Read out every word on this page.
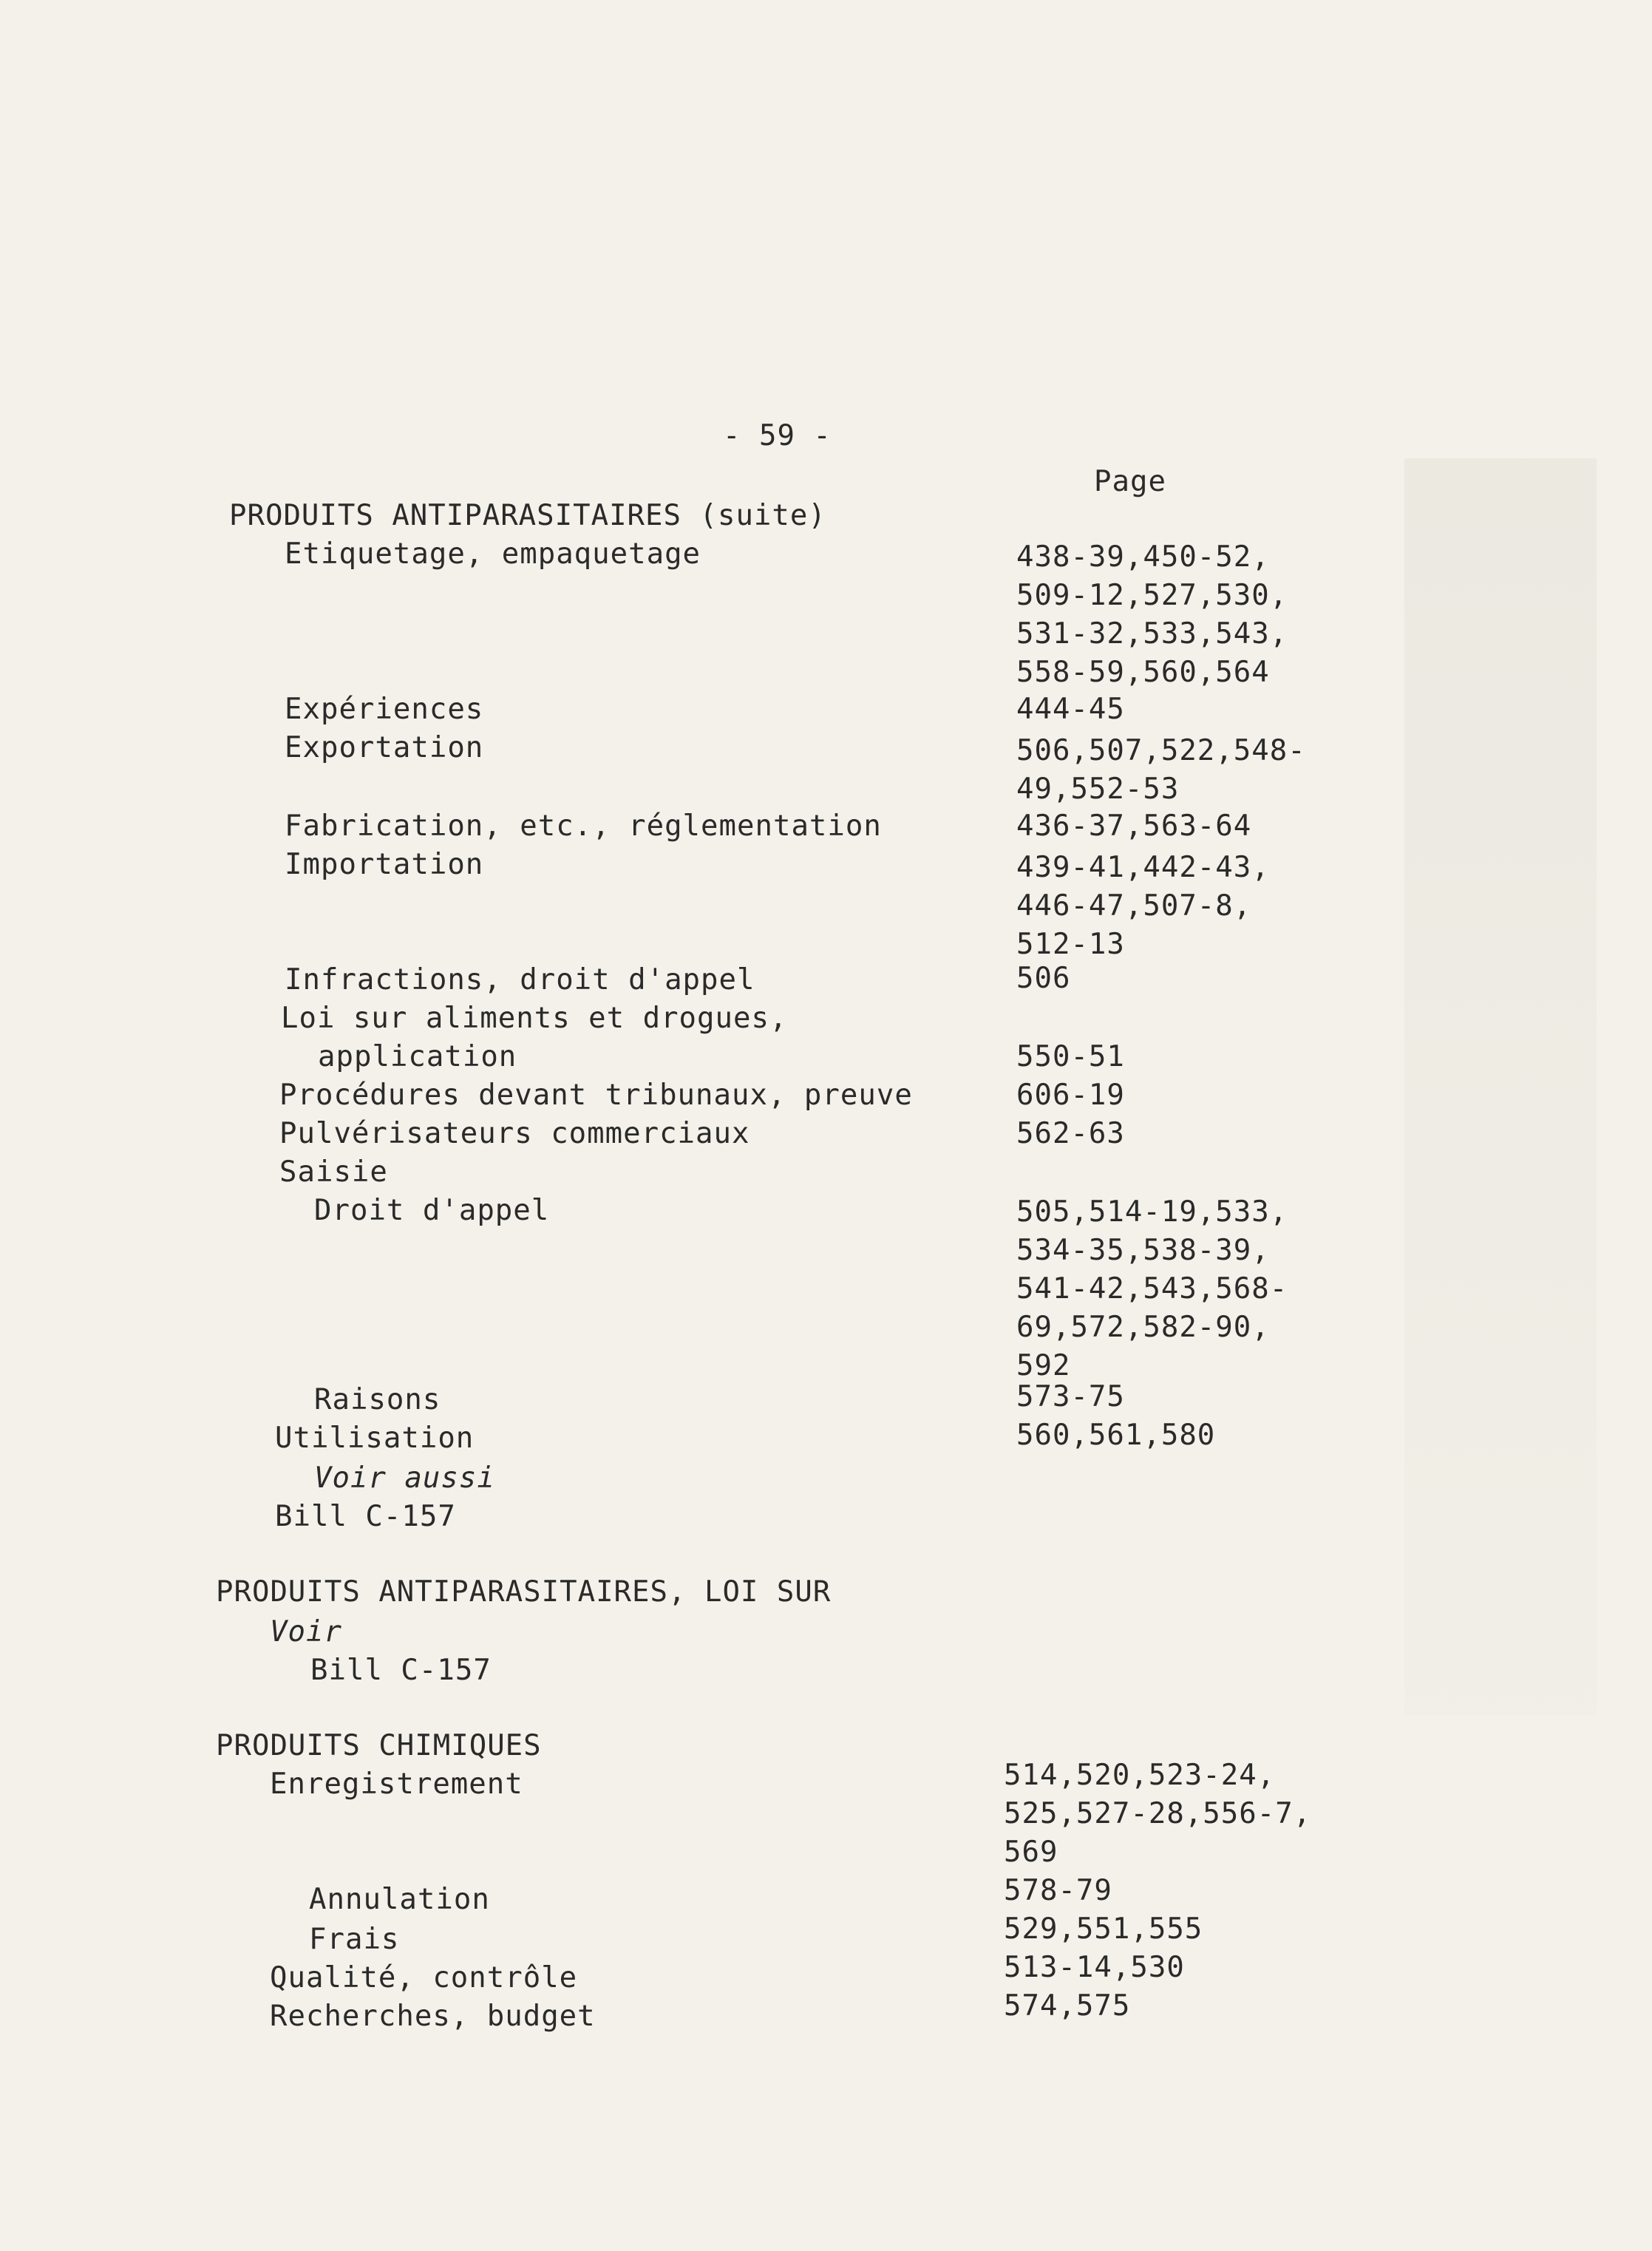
- 59 -
Page
PRODUITS ANTIPARASITAIRES (suite)
Etiquetage, empaquetage	438-39,450-52,
509-12,527,530,
531-32,533,543,
558-59,560,564
Expériences	444-45
Exportation	506,507,522,548-
49,552-53
Fabrication, etc., réglementation	436-37,563-64
Importation	439-41,442-43,
446-47,507-8,
512-13
Infractions, droit d'appel	506
Loi sur aliments et drogues,
application	550-51
Procédures devant tribunaux, preuve	606-19
Pulvérisateurs commerciaux	562-63
Saisie
Droit d'appel	505,514-19,533,
534-35,538-39,
541-42,543,568-
69,572,582-90,
592
Raisons	573-75
Utilisation	560,561,580
Voir aussi
Bill C-157
PRODUITS ANTIPARASITAIRES, LOI SUR
Voir
Bill C-157
PRODUITS CHIMIQUES
Enregistrement	514,520,523-24,
525,527-28,556-7,
569
Annulation	578-79
Frais	529,551,555
Qualité, contrôle	513-14,530
Recherches, budget	574,575
